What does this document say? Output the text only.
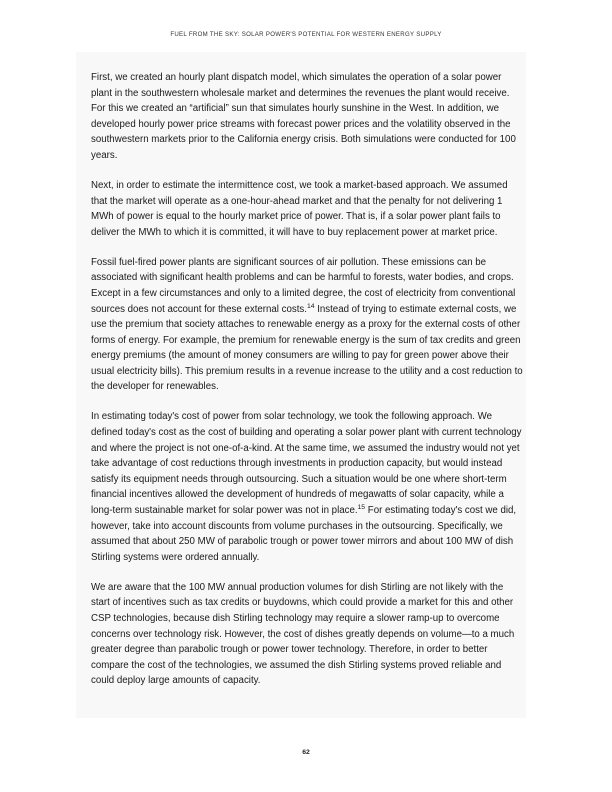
FUEL FROM THE SKY: SOLAR POWER'S POTENTIAL FOR WESTERN ENERGY SUPPLY

First, we created an hourly plant dispatch model, which simulates the operation of a solar power plant in the southwestern wholesale market and determines the revenues the plant would receive. For this we created an “artificial” sun that simulates hourly sunshine in the West. In addition, we developed hourly power price streams with forecast power prices and the volatility observed in the southwestern markets prior to the California energy crisis. Both simulations were conducted for 100 years.

Next, in order to estimate the intermittence cost, we took a market-based approach. We assumed that the market will operate as a one-hour-ahead market and that the penalty for not delivering 1 MWh of power is equal to the hourly market price of power. That is, if a solar power plant fails to deliver the MWh to which it is committed, it will have to buy replacement power at market price.

Fossil fuel-fired power plants are significant sources of air pollution. These emissions can be associated with significant health problems and can be harmful to forests, water bodies, and crops. Except in a few circumstances and only to a limited degree, the cost of electricity from conventional sources does not account for these external costs.$^{14}$ Instead of trying to estimate external costs, we use the premium that society attaches to renewable energy as a proxy for the external costs of other forms of energy. For example, the premium for renewable energy is the sum of tax credits and green energy premiums (the amount of money consumers are willing to pay for green power above their usual electricity bills). This premium results in a revenue increase to the utility and a cost reduction to the developer for renewables.

In estimating today's cost of power from solar technology, we took the following approach. We defined today's cost as the cost of building and operating a solar power plant with current technology and where the project is not one-of-a-kind. At the same time, we assumed the industry would not yet take advantage of cost reductions through investments in production capacity, but would instead satisfy its equipment needs through outsourcing. Such a situation would be one where short-term financial incentives allowed the development of hundreds of megawatts of solar capacity, while a long-term sustainable market for solar power was not in place.$^{15}$ For estimating today's cost we did, however, take into account discounts from volume purchases in the outsourcing. Specifically, we assumed that about 250 MW of parabolic trough or power tower mirrors and about 100 MW of dish Stirling systems were ordered annually.

We are aware that the 100 MW annual production volumes for dish Stirling are not likely with the start of incentives such as tax credits or buydowns, which could provide a market for this and other CSP technologies, because dish Stirling technology may require a slower ramp-up to overcome concerns over technology risk. However, the cost of dishes greatly depends on volume—to a much greater degree than parabolic trough or power tower technology. Therefore, in order to better compare the cost of the technologies, we assumed the dish Stirling systems proved reliable and could deploy large amounts of capacity.

62
